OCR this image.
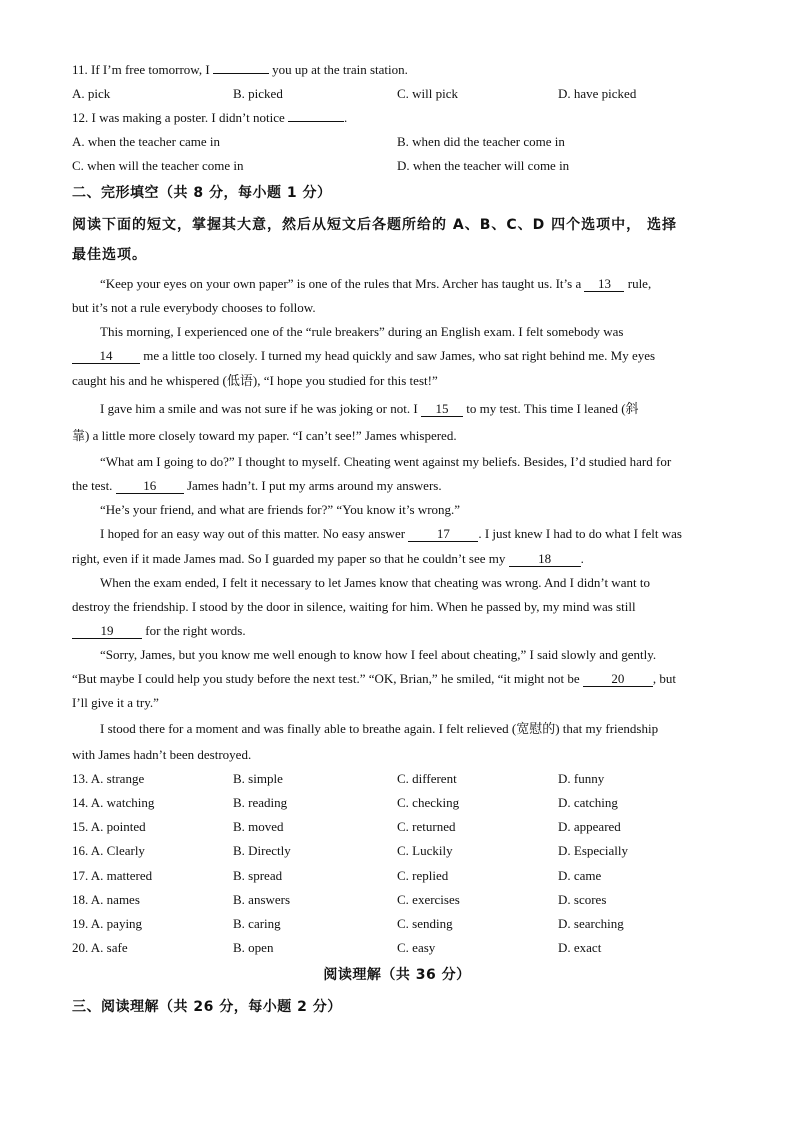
11. If I’m free tomorrow, I	you up at the train station.
A. pick	B. picked	C. will pick	D. have picked
12. I was making a poster. I didn’t notice	.
A. when the teacher came in	B. when did the teacher come in
C. when will the teacher come in	D. when the teacher will come in
二、完形填空（共 8 分，每小题 1 分）
阅读下面的短文，掌握其大意，然后从短文后各题所给的 A、B、C、D 四个选项中， 选择
最佳选项。
“Keep your eyes on your own paper” is one of the rules that Mrs. Archer has taught us. It’s a 13 rule,
but it’s not a rule everybody chooses to follow.
This morning, I experienced one of the “rule breakers” during an English exam. I felt somebody was
14 me a little too closely. I turned my head quickly and saw James, who sat right behind me. My eyes
caught his and he whispered (低语), “I hope you studied for this test!”
I gave him a smile and was not sure if he was joking or not. I 15 to my test. This time I leaned (斜
靠) a little more closely toward my paper. “I can’t see!” James whispered.
“What am I going to do?” I thought to myself. Cheating went against my beliefs. Besides, I’d studied hard for
the test. 16 James hadn’t. I put my arms around my answers.
“He’s your friend, and what are friends for?” “You know it’s wrong.”
I hoped for an easy way out of this matter. No easy answer 17 . I just knew I had to do what I felt was
right, even if it made James mad. So I guarded my paper so that he couldn’t see my 18 .
When the exam ended, I felt it necessary to let James know that cheating was wrong. And I didn’t want to
destroy the friendship. I stood by the door in silence, waiting for him. When he passed by, my mind was still
19 for the right words.
“Sorry, James, but you know me well enough to know how I feel about cheating,” I said slowly and gently.
“But maybe I could help you study before the next test.” “OK, Brian,” he smiled, “it might not be 20 , but
I’ll give it a try.”
I stood there for a moment and was finally able to breathe again. I felt relieved (宽慰的) that my friendship
with James hadn’t been destroyed.
13. A. strange	B. simple	C. different	D. funny
14. A. watching	B. reading	C. checking	D. catching
15. A. pointed	B. moved	C. returned	D. appeared
16. A. Clearly	B. Directly	C. Luckily	D. Especially
17. A. mattered	B. spread	C. replied	D. came
18. A. names	B. answers	C. exercises	D. scores
19. A. paying	B. caring	C. sending	D. searching
20. A. safe	B. open	C. easy	D. exact
阅读理解（共 36 分）
三、阅读理解（共 26 分，每小题 2 分）
